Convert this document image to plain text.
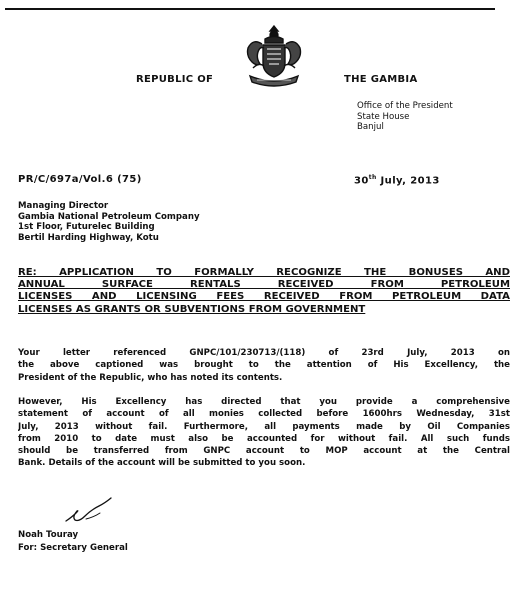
REPUBLIC OF	THE GAMBIA
Office of the President
State House
Banjul
PR/C/697a/Vol.6 (75)	30th July, 2013
Managing Director
Gambia National Petroleum Company
1st Floor, Futurelec Building
Bertil Harding Highway, Kotu
RE: APPLICATION TO FORMALLY RECOGNIZE THE BONUSES AND
ANNUAL SURFACE RENTALS RECEIVED FROM PETROLEUM
LICENSES AND LICENSING FEES RECEIVED FROM PETROLEUM DATA
LICENSES AS GRANTS OR SUBVENTIONS FROM GOVERNMENT
Your letter referenced GNPC/101/230713/(118) of 23rd July, 2013 on
the above captioned was brought to the attention of His Excellency, the
President of the Republic, who has noted its contents.
However, His Excellency has directed that you provide a comprehensive
statement of account of all monies collected before 1600hrs Wednesday, 31st
July, 2013 without fail. Furthermore, all payments made by Oil Companies
from 2010 to date must also be accounted for without fail. All such funds
should be transferred from GNPC account to MOP account at the Central
Bank. Details of the account will be submitted to you soon.
Noah Touray
For: Secretary General
